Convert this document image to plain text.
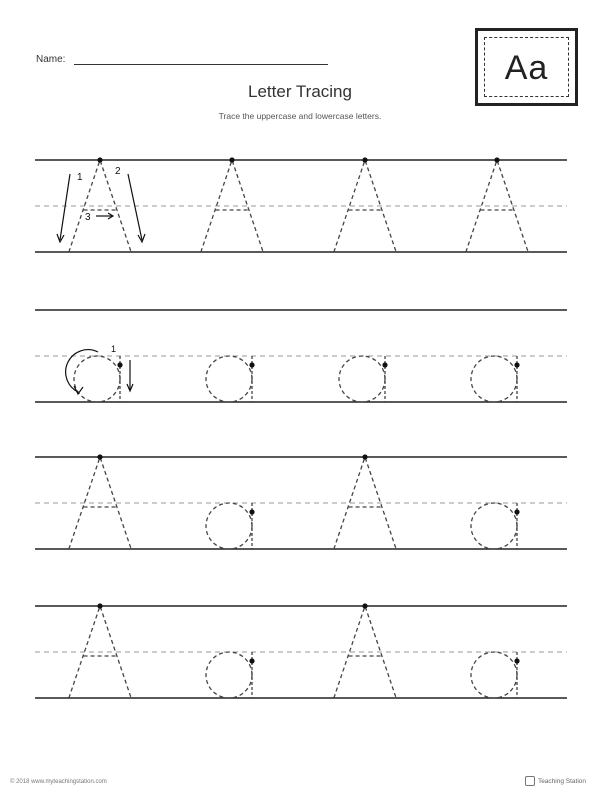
Name:
Letter Tracing
Trace the uppercase and lowercase letters.
Aa
1
2
3
1
© 2018 www.myteachingstation.com	Teaching Station
